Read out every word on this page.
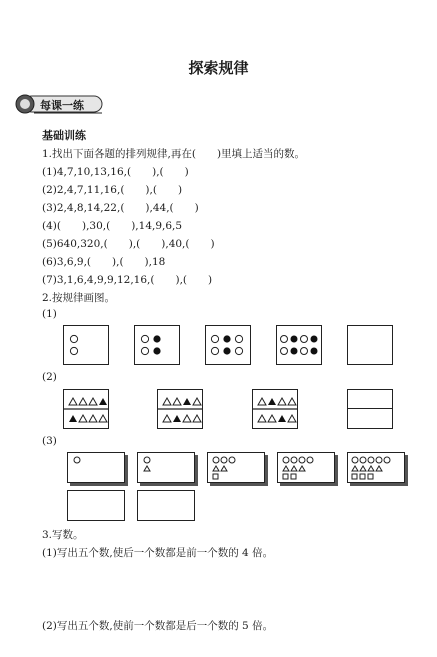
探索规律
每课一练
基础训练
1.找出下面各题的排列规律,再在(　　)里填上适当的数。
(1)4,7,10,13,16,(　　),(　　)
(2)2,4,7,11,16,(　　),(　　)
(3)2,4,8,14,22,(　　),44,(　　)
(4)(　　),30,(　　),14,9,6,5
(5)640,320,(　　),(　　),40,(　　)
(6)3,6,9,(　　),(　　),18
(7)3,1,6,4,9,9,12,16,(　　),(　　)
2.按规律画图。
(1)
(2)
(3)
3.写数。
(1)写出五个数,使后一个数都是前一个数的 4 倍。
(2)写出五个数,使前一个数都是后一个数的 5 倍。
